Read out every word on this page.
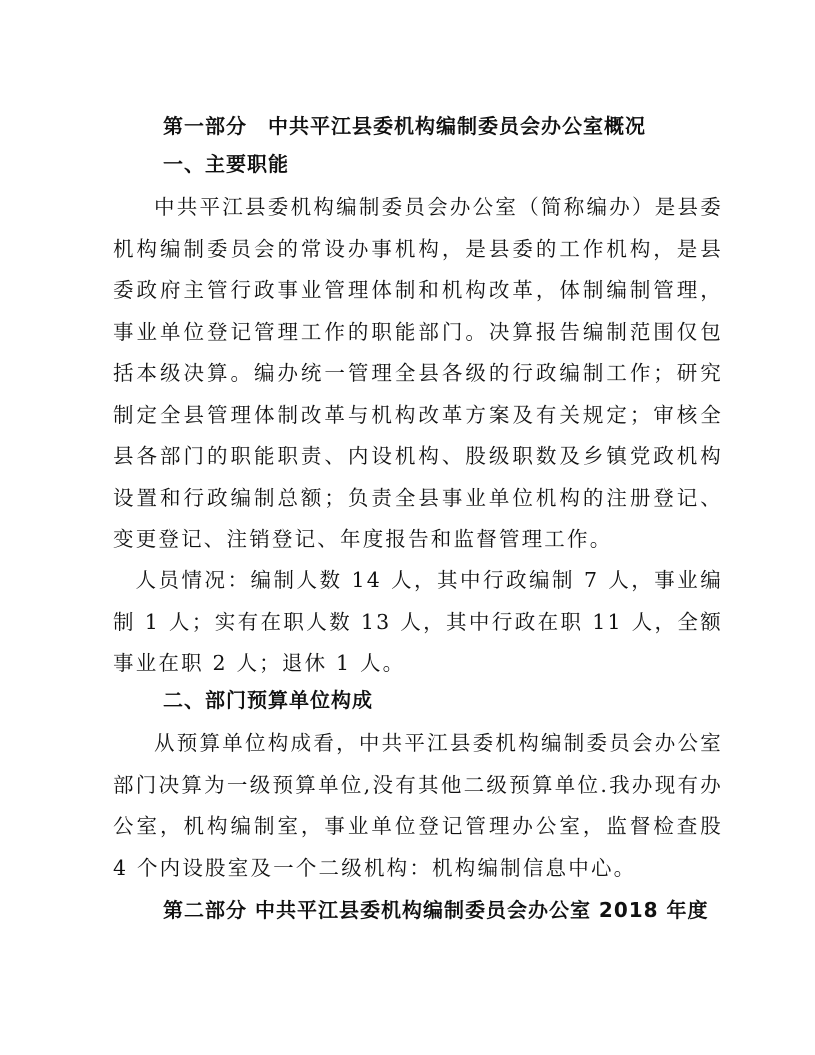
第一部分　中共平江县委机构编制委员会办公室概况
一、主要职能
中共平江县委机构编制委员会办公室（简称编办）是县委机构编制委员会的常设办事机构，是县委的工作机构，是县委政府主管行政事业管理体制和机构改革，体制编制管理，事业单位登记管理工作的职能部门。决算报告编制范围仅包括本级决算。编办统一管理全县各级的行政编制工作；研究制定全县管理体制改革与机构改革方案及有关规定；审核全县各部门的职能职责、内设机构、股级职数及乡镇党政机构设置和行政编制总额；负责全县事业单位机构的注册登记、变更登记、注销登记、年度报告和监督管理工作。
人员情况：编制人数 14 人，其中行政编制 7 人，事业编制 1 人；实有在职人数 13 人，其中行政在职 11 人，全额事业在职 2 人；退休 1 人。
二、部门预算单位构成
从预算单位构成看，中共平江县委机构编制委员会办公室部门决算为一级预算单位,没有其他二级预算单位.我办现有办公室，机构编制室，事业单位登记管理办公室，监督检查股 4 个内设股室及一个二级机构：机构编制信息中心。
第二部分 中共平江县委机构编制委员会办公室 2018 年度
